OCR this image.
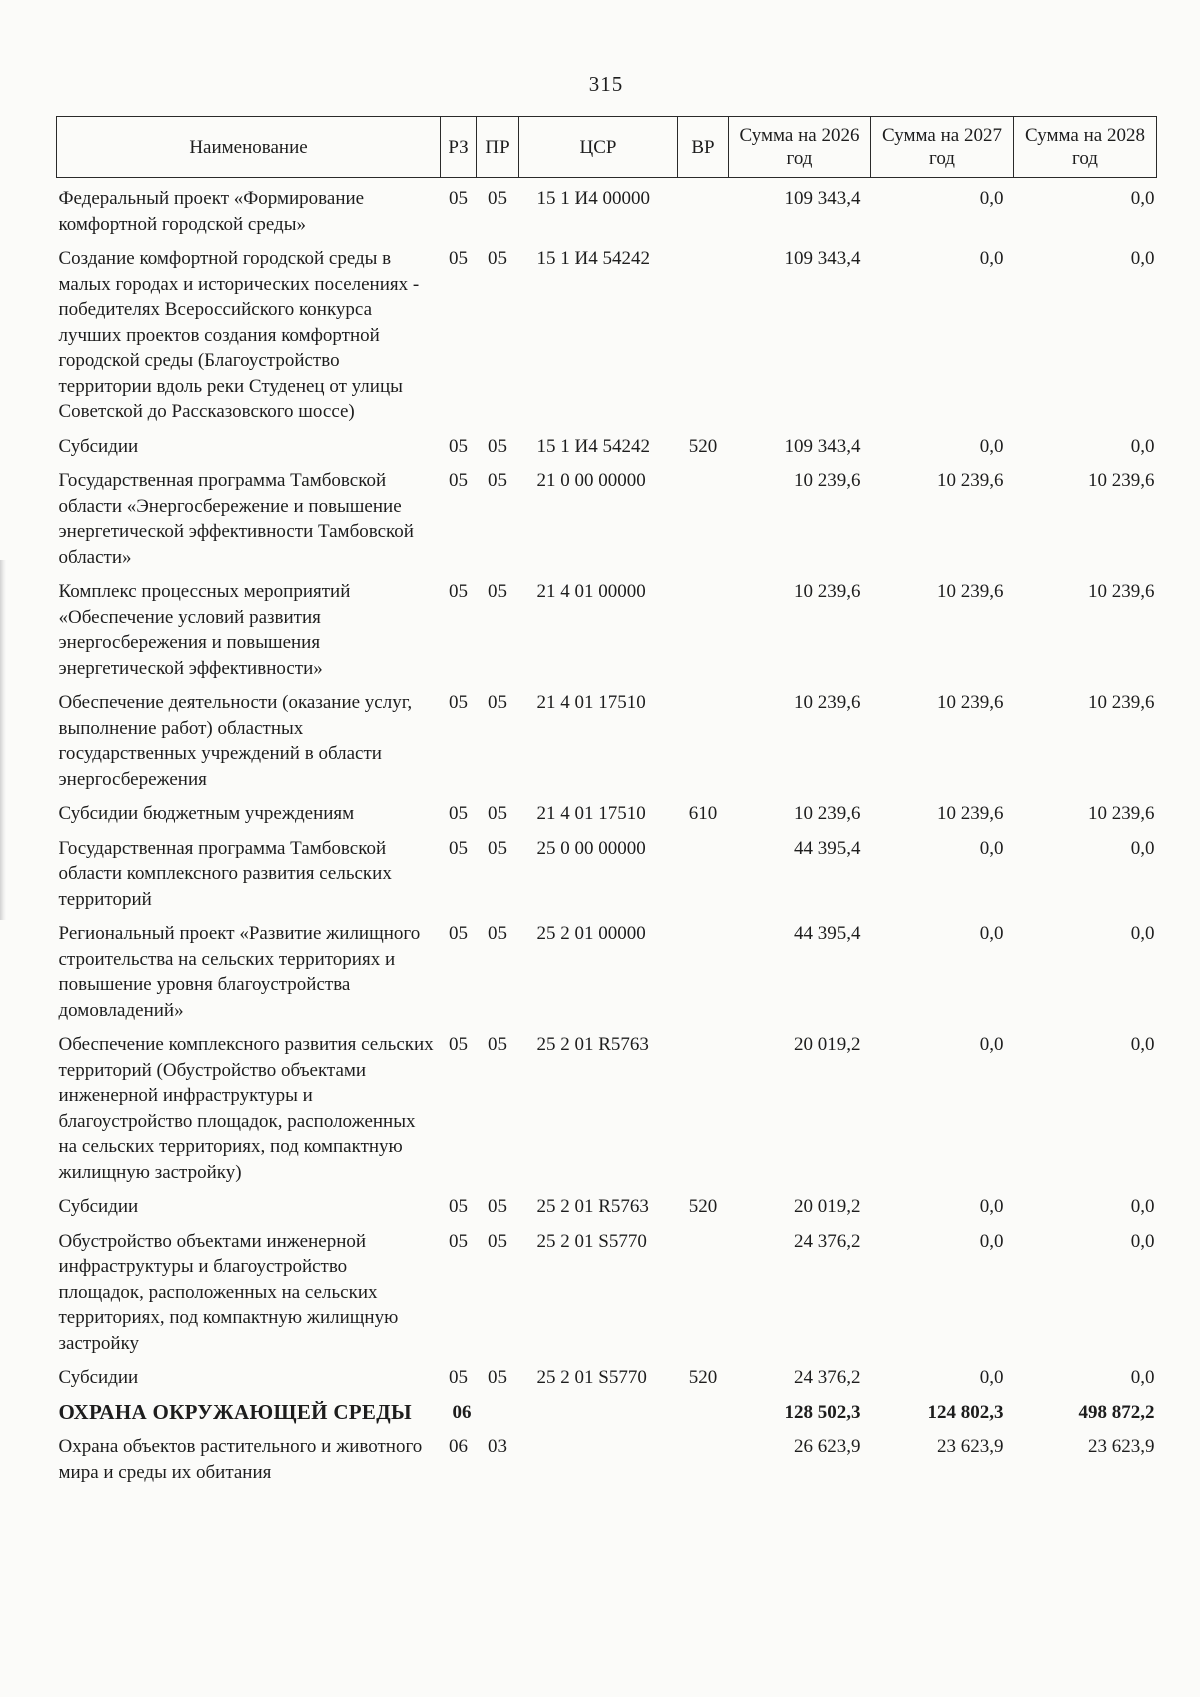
315
Наименование	РЗ	ПР	ЦСР	ВР	Сумма на 2026 год	Сумма на 2027 год	Сумма на 2028 год
Федеральный проект «Формирование комфортной городской среды»	05	05	15 1 И4 00000		109 343,4	0,0	0,0
Создание комфортной городской среды в малых городах и исторических поселениях - победителях Всероссийского конкурса лучших проектов создания комфортной городской среды (Благоустройство территории вдоль реки Студенец от улицы Советской до Рассказовского шоссе)	05	05	15 1 И4 54242		109 343,4	0,0	0,0
Субсидии	05	05	15 1 И4 54242	520	109 343,4	0,0	0,0
Государственная программа Тамбовской области «Энергосбережение и повышение энергетической эффективности Тамбовской области»	05	05	21 0 00 00000		10 239,6	10 239,6	10 239,6
Комплекс процессных мероприятий «Обеспечение условий развития энергосбережения и повышения энергетической эффективности»	05	05	21 4 01 00000		10 239,6	10 239,6	10 239,6
Обеспечение деятельности (оказание услуг, выполнение работ) областных государственных учреждений в области энергосбережения	05	05	21 4 01 17510		10 239,6	10 239,6	10 239,6
Субсидии бюджетным учреждениям	05	05	21 4 01 17510	610	10 239,6	10 239,6	10 239,6
Государственная программа Тамбовской области комплексного развития сельских территорий	05	05	25 0 00 00000		44 395,4	0,0	0,0
Региональный проект «Развитие жилищного строительства на сельских территориях и повышение уровня благоустройства домовладений»	05	05	25 2 01 00000		44 395,4	0,0	0,0
Обеспечение комплексного развития сельских территорий (Обустройство объектами инженерной инфраструктуры и благоустройство площадок, расположенных на сельских территориях, под компактную жилищную застройку)	05	05	25 2 01 R5763		20 019,2	0,0	0,0
Субсидии	05	05	25 2 01 R5763	520	20 019,2	0,0	0,0
Обустройство объектами инженерной инфраструктуры и благоустройство площадок, расположенных на сельских территориях, под компактную жилищную застройку	05	05	25 2 01 S5770		24 376,2	0,0	0,0
Субсидии	05	05	25 2 01 S5770	520	24 376,2	0,0	0,0
ОХРАНА ОКРУЖАЮЩЕЙ СРЕДЫ	06				128 502,3	124 802,3	498 872,2
Охрана объектов растительного и животного мира и среды их обитания	06	03			26 623,9	23 623,9	23 623,9
